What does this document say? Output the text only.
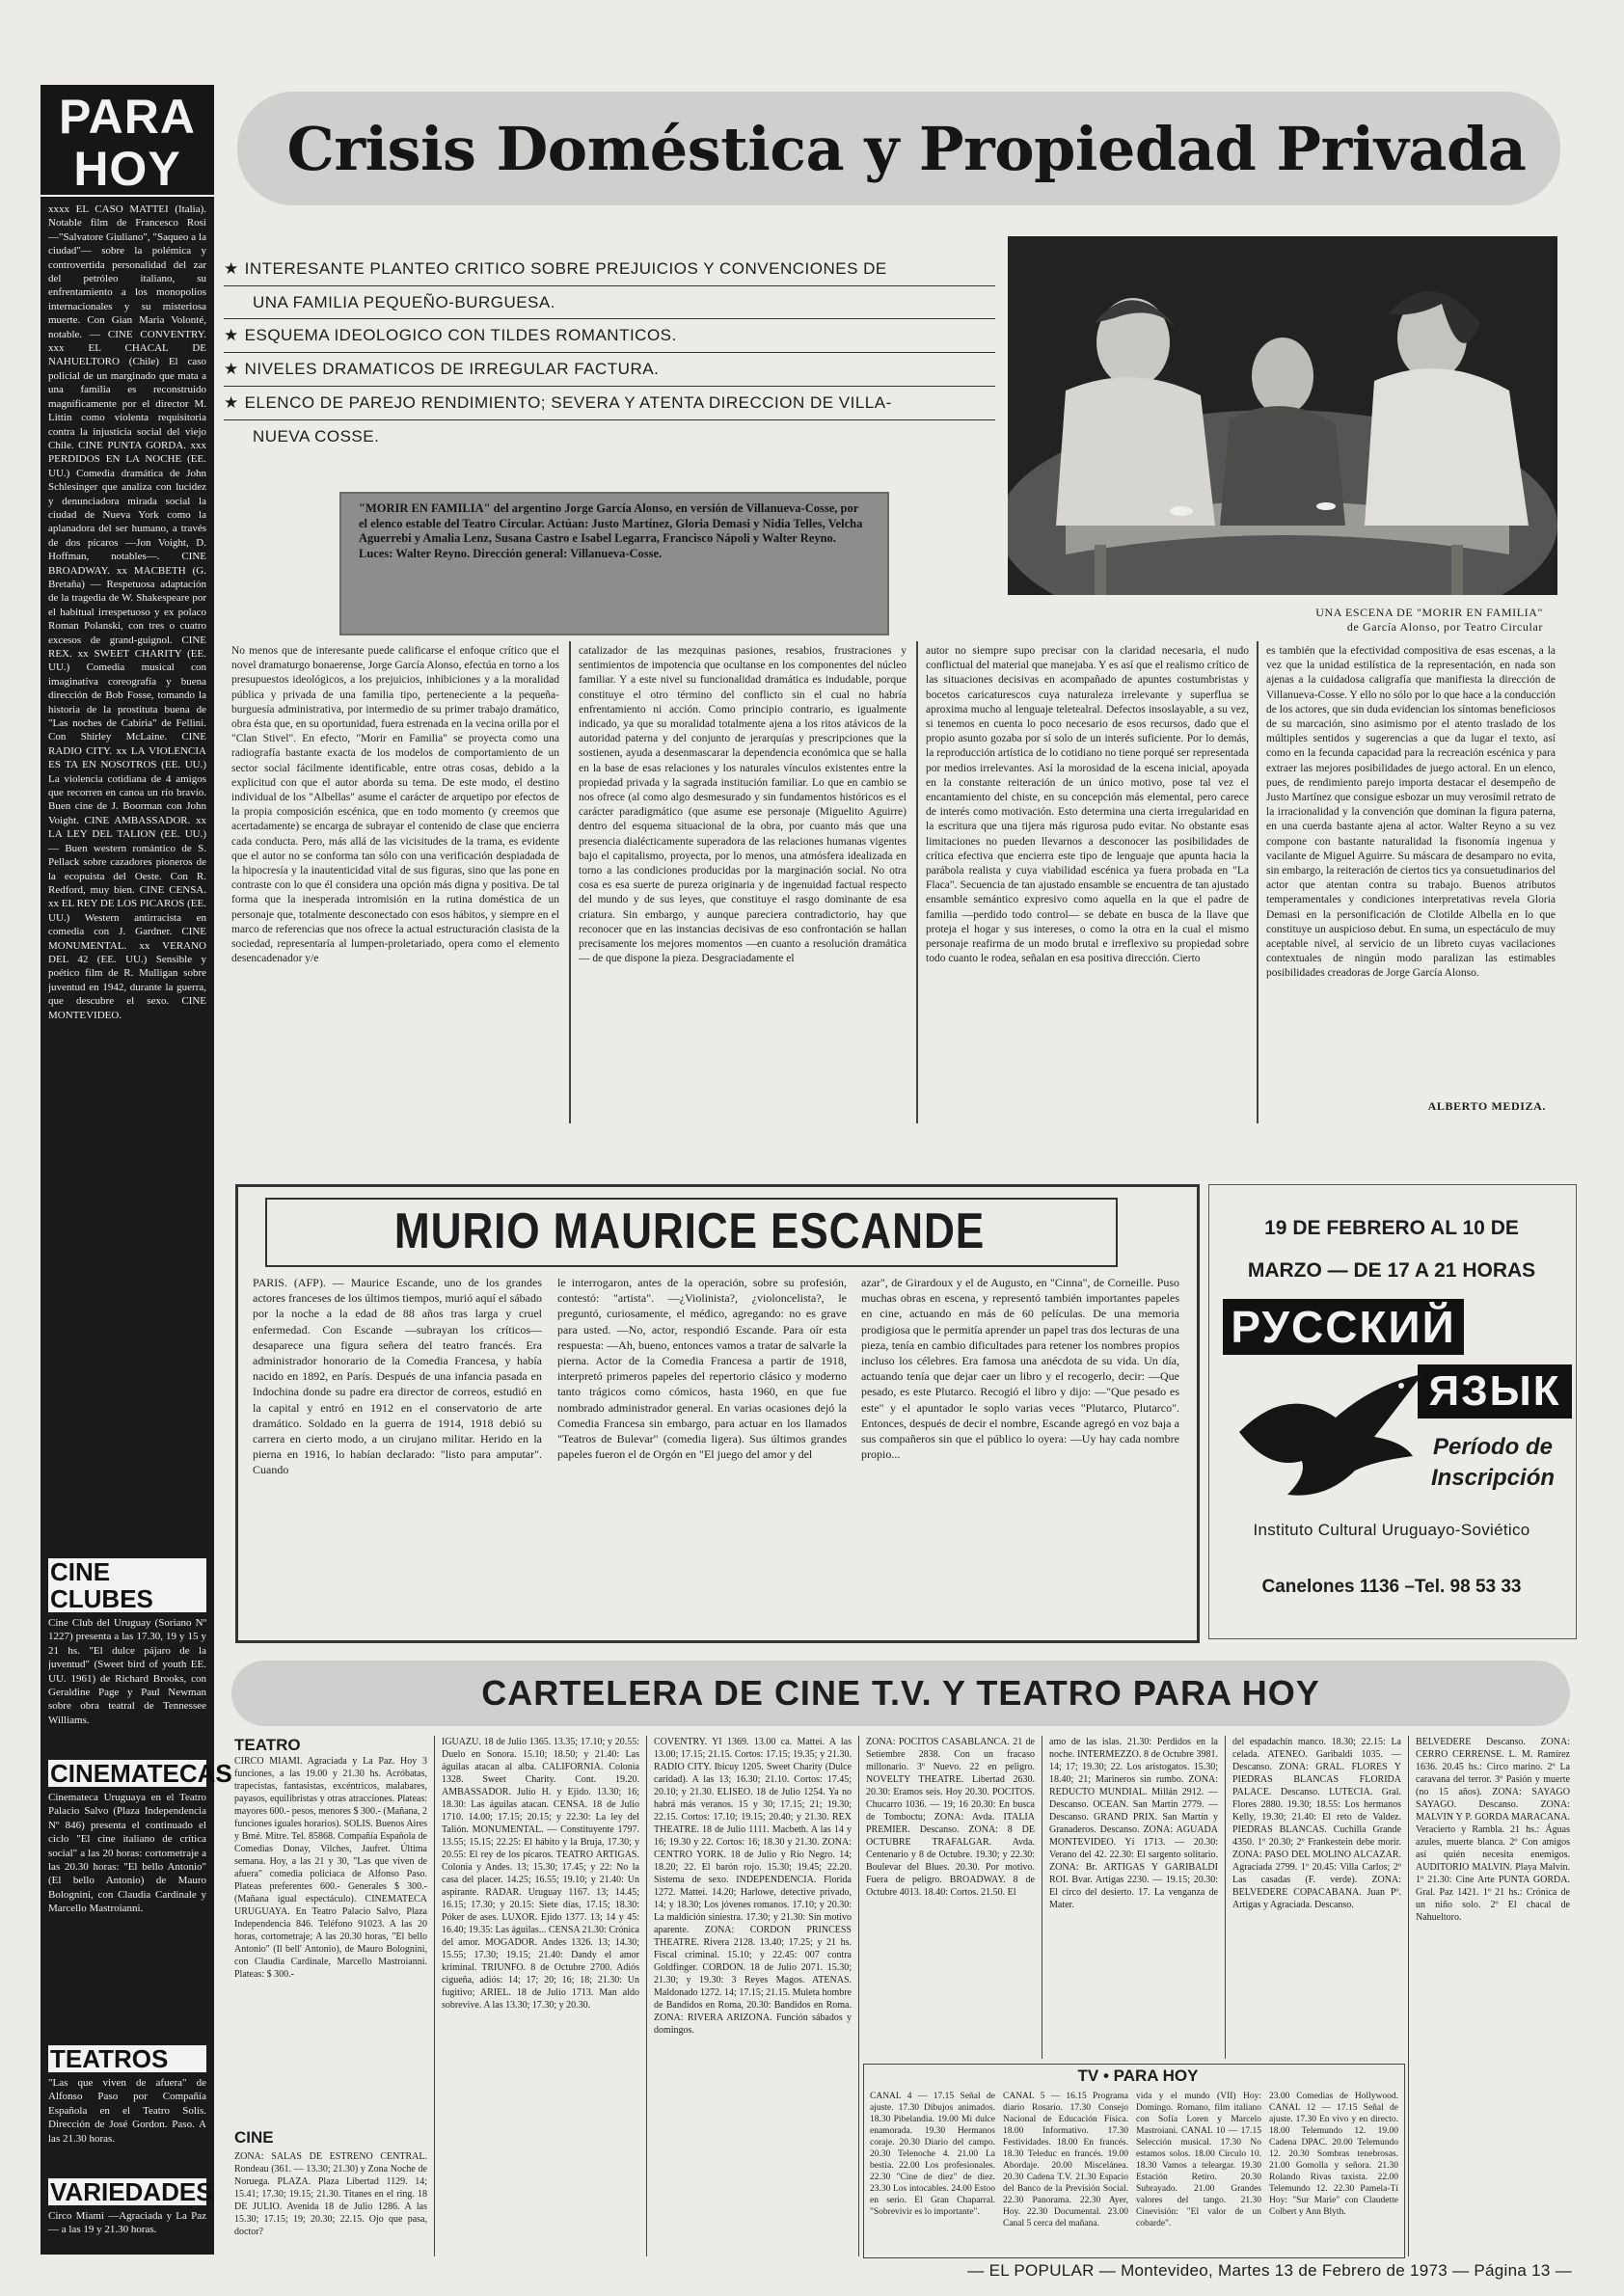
PARA
HOY
xxxx EL CASO MATTEI (Italia). Notable film de Francesco Rosi —"Salvatore Giuliano", "Saqueo a la ciudad"— sobre la polémica y controvertida personalidad del zar del petróleo italiano, su enfrentamiento a los monopolios internacionales y su misteriosa muerte. Con Gian Maria Volonté, notable. — CINE CONVENTRY. xxx EL CHACAL DE NAHUELTORO (Chile) El caso policial de un marginado que mata a una familia es reconstruido magníficamente por el director M. Littin como violenta requisitoria contra la injusticia social del viejo Chile. CINE PUNTA GORDA. xxx PERDIDOS EN LA NOCHE (EE. UU.) Comedia dramática de John Schlesinger que analiza con lucidez y denunciadora mirada social la ciudad de Nueva York como la aplanadora del ser humano, a través de dos pícaros —Jon Voight, D. Hoffman, notables—. CINE BROADWAY. xx MACBETH (G. Bretaña) — Respetuosa adaptación de la tragedia de W. Shakespeare por el habitual irrespetuoso y ex polaco Roman Polanski, con tres o cuatro excesos de grand-guignol. CINE REX. xx SWEET CHARITY (EE. UU.) Comedia musical con imaginativa coreografía y buena dirección de Bob Fosse, tomando la historia de la prostituta buena de "Las noches de Cabiria" de Fellini. Con Shirley McLaine. CINE RADIO CITY. xx LA VIOLENCIA ES TA EN NOSOTROS (EE. UU.) La violencia cotidiana de 4 amigos que recorren en canoa un río bravío. Buen cine de J. Boorman con John Voight. CINE AMBASSADOR. xx LA LEY DEL TALION (EE. UU.) — Buen western romántico de S. Pellack sobre cazadores pioneros de la ecopuista del Oeste. Con R. Redford, muy bien. CINE CENSA. xx EL REY DE LOS PICAROS (EE. UU.) Western antirracista en comedia con J. Gardner. CINE MONUMENTAL. xx VERANO DEL 42 (EE. UU.) Sensible y poético film de R. Mulligan sobre juventud en 1942, durante la guerra, que descubre el sexo. CINE MONTEVIDEO.
CINE CLUBES
Cine Club del Uruguay (Soriano Nº 1227) presenta a las 17.30, 19 y 15 y 21 hs. "El dulce pájaro de la juventud" (Sweet bird of youth EE. UU. 1961) de Richard Brooks, con Geraldine Page y Paul Newman sobre obra teatral de Tennessee Williams.
CINEMATECAS
Cinemateca Uruguaya en el Teatro Palacio Salvo (Plaza Independencia Nº 846) presenta el continuado el ciclo "El cine italiano de crítica social" a las 20 horas: cortometraje a las 20.30 horas: "El bello Antonio" (El bello Antonio) de Mauro Bolognini, con Claudia Cardinale y Marcello Mastroianni.
TEATROS
"Las que viven de afuera" de Alfonso Paso por Compañía Española en el Teatro Solís. Dirección de José Gordon. Paso. A las 21.30 horas.
VARIEDADES
Circo Miami —Agraciada y La Paz— a las 19 y 21.30 horas.
Crisis Doméstica y Propiedad Privada
★ INTERESANTE PLANTEO CRITICO SOBRE PREJUICIOS Y CONVENCIONES DE
UNA FAMILIA PEQUEÑO-BURGUESA.
★ ESQUEMA IDEOLOGICO CON TILDES ROMANTICOS.
★ NIVELES DRAMATICOS DE IRREGULAR FACTURA.
★ ELENCO DE PAREJO RENDIMIENTO; SEVERA Y ATENTA DIRECCION DE VILLA-
NUEVA COSSE.
"MORIR EN FAMILIA" del argentino Jorge García Alonso, en versión de Villanueva-Cosse, por el elenco estable del Teatro Circular. Actúan: Justo Martínez, Gloria Demasi y Nidia Telles, Velcha Aguerrebi y Amalia Lenz, Susana Castro e Isabel Legarra, Francisco Nápoli y Walter Reyno. Luces: Walter Reyno. Dirección general: Villanueva-Cosse.
UNA ESCENA DE "MORIR EN FAMILIA"
de García Alonso, por Teatro Circular
No menos que de interesante puede calificarse el enfoque crítico que el novel dramaturgo bonaerense, Jorge García Alonso, efectúa en torno a los presupuestos ideológicos, a los prejuicios, inhibiciones y a la moralidad pública y privada de una familia tipo, perteneciente a la pequeña-burguesía administrativa, por intermedio de su primer trabajo dramático, obra ésta que, en su oportunidad, fuera estrenada en la vecina orilla por el "Clan Stivel". En efecto, "Morir en Familia" se proyecta como una radiografía bastante exacta de los modelos de comportamiento de un sector social fácilmente identificable, entre otras cosas, debido a la explicitud con que el autor aborda su tema. De este modo, el destino individual de los "Albellas" asume el carácter de arquetipo por efectos de la propia composición escénica, que en todo momento (y creemos que acertadamente) se encarga de subrayar el contenido de clase que encierra cada conducta. Pero, más allá de las vicisitudes de la trama, es evidente que el autor no se conforma tan sólo con una verificación despiadada de la hipocresía y la inautenticidad vital de sus figuras, sino que las pone en contraste con lo que él considera una opción más digna y positiva. De tal forma que la inesperada intromisión en la rutina doméstica de un personaje que, totalmente desconectado con esos hábitos, y siempre en el marco de referencias que nos ofrece la actual estructuración clasista de la sociedad, representaría al lumpen-proletariado, opera como el elemento desencadenador y/e
catalizador de las mezquinas pasiones, resabios, frustraciones y sentimientos de impotencia que ocultanse en los componentes del núcleo familiar. Y a este nivel su funcionalidad dramática es indudable, porque constituye el otro término del conflicto sin el cual no habría enfrentamiento ni acción. Como principio contrario, es igualmente indicado, ya que su moralidad totalmente ajena a los ritos atávicos de la autoridad paterna y del conjunto de jerarquías y prescripciones que la sostienen, ayuda a desenmascarar la dependencia económica que se halla en la base de esas relaciones y los naturales vínculos existentes entre la propiedad privada y la sagrada institución familiar. Lo que en cambio se nos ofrece (al como algo desmesurado y sin fundamentos históricos es el carácter paradigmático (que asume ese personaje (Miguelito Aguirre) dentro del esquema situacional de la obra, por cuanto más que una presencia dialécticamente superadora de las relaciones humanas vigentes bajo el capitalismo, proyecta, por lo menos, una atmósfera idealizada en torno a las condiciones producidas por la marginación social. No otra cosa es esa suerte de pureza originaria y de ingenuidad factual respecto del mundo y de sus leyes, que constituye el rasgo dominante de esa criatura. Sin embargo, y aunque pareciera contradictorio, hay que reconocer que en las instancias decisivas de eso confrontación se hallan precisamente los mejores momentos —en cuanto a resolución dramática— de que dispone la pieza. Desgraciadamente el
autor no siempre supo precisar con la claridad necesaria, el nudo conflictual del material que manejaba. Y es así que el realismo crítico de las situaciones decisivas en acompañado de apuntes costumbristas y bocetos caricaturescos cuya naturaleza irrelevante y superflua se aproxima mucho al lenguaje teletealral. Defectos insoslayable, a su vez, si tenemos en cuenta lo poco necesario de esos recursos, dado que el propio asunto gozaba por sí solo de un interés suficiente. Por lo demás, la reproducción artística de lo cotidiano no tiene porqué ser representada por medios irrelevantes. Así la morosidad de la escena inicial, apoyada en la constante reiteración de un único motivo, pose tal vez el encantamiento del chiste, en su concepción más elemental, pero carece de interés como motivación. Esto determina una cierta irregularidad en la escritura que una tijera más rigurosa pudo evitar. No obstante esas limitaciones no pueden llevarnos a desconocer las posibilidades de crítica efectiva que encierra este tipo de lenguaje que apunta hacia la parábola realista y cuya viabilidad escénica ya fuera probada en "La Flaca". Secuencia de tan ajustado ensamble se encuentra de tan ajustado ensamble semántico expresivo como aquella en la que el padre de familia —perdido todo control— se debate en busca de la llave que proteja el hogar y sus intereses, o como la otra en la cual el mismo personaje reafirma de un modo brutal e irreflexivo su propiedad sobre todo cuanto le rodea, señalan en esa positiva dirección. Cierto
es también que la efectividad compositiva de esas escenas, a la vez que la unidad estilística de la representación, en nada son ajenas a la cuidadosa caligrafía que manifiesta la dirección de Villanueva-Cosse. Y ello no sólo por lo que hace a la conducción de los actores, que sin duda evidencian los síntomas beneficiosos de su marcación, sino asimismo por el atento traslado de los múltiples sentidos y sugerencias a que da lugar el texto, así como en la fecunda capacidad para la recreación escénica y para extraer las mejores posibilidades de juego actoral. En un elenco, pues, de rendimiento parejo importa destacar el desempeño de Justo Martínez que consigue esbozar un muy verosímil retrato de la irracionalidad y la convención que dominan la figura paterna, en una cuerda bastante ajena al actor. Walter Reyno a su vez compone con bastante naturalidad la fisonomía ingenua y vacilante de Miguel Aguirre. Su máscara de desamparo no evita, sin embargo, la reiteración de ciertos tics ya consuetudinarios del actor que atentan contra su trabajo. Buenos atributos temperamentales y condiciones interpretativas revela Gloria Demasi en la personificación de Clotilde Albella en lo que constituye un auspicioso debut. En suma, un espectáculo de muy aceptable nivel, al servicio de un libreto cuyas vacilaciones contextuales de ningún modo paralizan las estimables posibilidades creadoras de Jorge García Alonso.
ALBERTO MEDIZA.
MURIO MAURICE ESCANDE
PARIS. (AFP). — Maurice Escande, uno de los grandes actores franceses de los últimos tiempos, murió aquí el sábado por la noche a la edad de 88 años tras larga y cruel enfermedad. Con Escande —subrayan los críticos— desaparece una figura señera del teatro francés. Era administrador honorario de la Comedia Francesa, y había nacido en 1892, en París. Después de una infancia pasada en Indochina donde su padre era director de correos, estudió en la capital y entró en 1912 en el conservatorio de arte dramático. Soldado en la guerra de 1914, 1918 debió su carrera en cierto modo, a un cirujano militar. Herido en la pierna en 1916, lo habían declarado: "listo para amputar". Cuando
le interrogaron, antes de la operación, sobre su profesión, contestó: "artista". —¿Violinista?, ¿violoncelista?, le preguntó, curiosamente, el médico, agregando: no es grave para usted. —No, actor, respondió Escande. Para oír esta respuesta: —Ah, bueno, entonces vamos a tratar de salvarle la pierna. Actor de la Comedia Francesa a partir de 1918, interpretó primeros papeles del repertorio clásico y moderno tanto trágicos como cómicos, hasta 1960, en que fue nombrado administrador general. En varias ocasiones dejó la Comedia Francesa sin embargo, para actuar en los llamados "Teatros de Bulevar" (comedia ligera). Sus últimos grandes papeles fueron el de Orgón en "El juego del amor y del
azar", de Girardoux y el de Augusto, en "Cinna", de Corneille. Puso muchas obras en escena, y representó también importantes papeles en cine, actuando en más de 60 películas. De una memoria prodigiosa que le permitía aprender un papel tras dos lecturas de una pieza, tenía en cambio dificultades para retener los nombres propios incluso los célebres. Era famosa una anécdota de su vida. Un día, actuando tenía que dejar caer un libro y el recogerlo, decir: —Que pesado, es este Plutarco. Recogió el libro y dijo: —"Que pesado es este" y el apuntador le soplo varias veces "Plutarco, Plutarco". Entonces, después de decir el nombre, Escande agregó en voz baja a sus compañeros sin que el público lo oyera: —Uy hay cada nombre propio...
19 DE FEBRERO AL 10 DE
MARZO — DE 17 A 21 HORAS
РУССКИЙ
ЯЗЫК
Período de
Inscripción
Instituto Cultural Uruguayo-Soviético
Canelones 1136 –Tel. 98 53 33
CARTELERA DE CINE T.V. Y TEATRO PARA HOY
TEATRO
CIRCO MIAMI. Agraciada y La Paz. Hoy 3 funciones, a las 19.00 y 21.30 hs. Acróbatas, trapecistas, fantasistas, excéntricos, malabares, payasos, equilibristas y otras atracciones. Plateas: mayores 600.- pesos, menores $ 300.- (Mañana, 2 funciones iguales horarios). SOLIS. Buenos Aires y Bmé. Mitre. Tel. 85868. Compañía Española de Comedias Donay, Vilches, Jaufret. Última semana. Hoy, a las 21 y 30, "Las que viven de afuera" comedia policiaca de Alfonso Paso. Plateas preferentes 600.- Generales $ 300.- (Mañana igual espectáculo). CINEMATECA URUGUAYA. En Teatro Palacio Salvo, Plaza Independencia 846. Teléfono 91023. A las 20 horas, cortometraje; A las 20.30 horas, "El bello Antonio" (Il bell' Antonio), de Mauro Bolognini, con Claudia Cardinale, Marcello Mastroianni. Plateas: $ 300.-
CINE
ZONA: SALAS DE ESTRENO CENTRAL. Rondeau (361. — 13.30; 21.30) y Zona Noche de Noruega. PLAZA. Plaza Libertad 1129. 14; 15.41; 17.30; 19.15; 21.30. Titanes en el ring. 18 DE JULIO. Avenida 18 de Julio 1286. A las 15.30; 17.15; 19; 20.30; 22.15. Ojo que pasa, doctor?
IGUAZU. 18 de Julio 1365. 13.35; 17.10; y 20.55: Duelo en Sonora. 15.10; 18.50; y 21.40: Las águilas atacan al alba. CALIFORNIA. Colonia 1328. Sweet Charity. Cont. 19.20. AMBASSADOR. Julio H. y Ejido. 13.30; 16; 18.30: Las águilas atacan. CENSA. 18 de Julio 1710. 14.00; 17.15; 20.15; y 22.30: La ley del Talión. MONUMENTAL. — Constituyente 1797. 13.55; 15.15; 22.25: El hábito y la Bruja, 17.30; y 20.55: El rey de los pícaros. TEATRO ARTIGAS. Colonia y Andes. 13; 15.30; 17.45; y 22: No la casa del placer. 14.25; 16.55; 19.10; y 21.40: Un aspirante. RADAR. Uruguay 1167. 13; 14.45; 16.15; 17.30; y 20.15: Siete días, 17.15; 18.30: Póker de ases. LUXOR. Ejido 1377. 13; 14 y 45: 16.40; 19.35: Las águilas... CENSA 21.30: Crónica del amor. MOGADOR. Andes 1326. 13; 14.30; 15.55; 17.30; 19.15; 21.40: Dandy el amor kriminal. TRIUNFO. 8 de Octubre 2700. Adiós cigueña, adiós: 14; 17; 20; 16; 18; 21.30: Un fugitivo; ARIEL. 18 de Julio 1713. Man aldo sobrevive. A las 13.30; 17.30; y 20.30.
COVENTRY. YI 1369. 13.00 ca. Mattei. A las 13.00; 17.15; 21.15. Cortos: 17.15; 19.35; y 21.30. RADIO CITY. Ibicuy 1205. Sweet Charity (Dulce caridad). A las 13; 16.30; 21.10. Cortos: 17.45; 20.10; y 21.30. ELISEO. 18 de Julio 1254. Ya no habrá más veranos. 15 y 30; 17.15; 21; 19.30; 22.15. Cortos: 17.10; 19.15; 20.40; y 21.30. REX THEATRE. 18 de Julio 1111. Macbeth. A las 14 y 16; 19.30 y 22. Cortos: 16; 18.30 y 21.30. ZONA: CENTRO YORK. 18 de Julio y Río Negro. 14; 18.20; 22. El barón rojo. 15.30; 19.45; 22.20. Sistema de sexo. INDEPENDENCIA. Florida 1272. Mattei. 14.20; Harlowe, detective privado, 14; y 18.30; Los jóvenes romanos. 17.10; y 20.30: La maldición siniestra. 17.30; y 21.30: Sin motivo aparente. ZONA: CORDON PRINCESS THEATRE. Rivera 2128. 13.40; 17.25; y 21 hs. Fiscal criminal. 15.10; y 22.45: 007 contra Goldfinger. CORDON. 18 de Julio 2071. 15.30; 21.30; y 19.30: 3 Reyes Magos. ATENAS. Maldonado 1272. 14; 17.15; 21.15. Muleta hombre de Bandidos en Roma, 20.30: Bandidos en Roma. ZONA: RIVERA ARIZONA. Función sábados y domingos.
ZONA: POCITOS CASABLANCA. 21 de Setiembre 2838. Con un fracaso millonario. 3º Nuevo. 22 en peligro. NOVELTY THEATRE. Libertad 2630. 20.30: Eramos seis. Hoy 20.30. POCITOS. Chucarro 1036. — 19; 16 20.30: En busca de Tomboctu; ZONA: Avda. ITALIA PREMIER. Descanso. ZONA: 8 DE OCTUBRE TRAFALGAR. Avda. Centenario y 8 de Octubre. 19.30; y 22.30: Boulevar del Blues. 20.30. Por motivo. Fuera de peligro. BROADWAY. 8 de Octubre 4013. 18.40: Cortos. 21.50. El
amo de las islas. 21.30: Perdidos en la noche. INTERMEZZO. 8 de Octubre 3981. 14; 17; 19.30; 22. Los aristogatos. 15.30; 18.40; 21; Marineros sin rumbo. ZONA: REDUCTO MUNDIAL. Millán 2912. — Descanso. OCEAN. San Martín 2779. — Descanso. GRAND PRIX. San Martín y Granaderos. Descanso. ZONA: AGUADA MONTEVIDEO. Yí 1713. — 20.30: Verano del 42. 22.30: El sargento solitario. ZONA: Br. ARTIGAS Y GARIBALDI ROI. Bvar. Artigas 2230. — 19.15; 20.30: El circo del desierto. 17. La venganza de Mater.
del espadachín manco. 18.30; 22.15: La celada. ATENEO. Garibaldi 1035. — Descanso. ZONA: GRAL. FLORES Y PIEDRAS BLANCAS FLORIDA PALACE. Descanso. LUTECIA. Gral. Flores 2880. 19.30; 18.55: Los hermanos Kelly, 19.30; 21.40: El reto de Valdez. PIEDRAS BLANCAS. Cuchilla Grande 4350. 1º 20.30; 2º Frankestein debe morir. ZONA: PASO DEL MOLINO ALCAZAR. Agraciada 2799. 1º 20.45: Villa Carlos; 2º Las casadas (F. verde). ZONA: BELVEDERE COPACABANA. Juan Pº. Artigas y Agraciada. Descanso.
BELVEDERE Descanso. ZONA: CERRO CERRENSE. L. M. Ramírez 1636. 20.45 hs.: Circo marino. 2º La caravana del terror. 3º Pasión y muerte (no 15 años). ZONA: SAYAGO SAYAGO. Descanso. ZONA: MALVIN Y P. GORDA MARACANA. Veracierto y Rambla. 21 hs.: Águas azules, muerte blanca. 2º Con amigos así quién necesita enemigos. AUDITORIO MALVIN. Playa Malvín. 1º 21.30: Cine Arte PUNTA GORDA. Gral. Paz 1421. 1º 21 hs.: Crónica de un niño solo. 2º El chacal de Nahueltoro.
TV • PARA HOY
CANAL 4 — 17.15 Señal de ajuste. 17.30 Dibujos animados. 18.30 Pibelandia. 19.00 Mi dulce enamorada. 19.30 Hermanos coraje. 20.30 Diario del campo. 20.30 Telenoche 4. 21.00 La bestia. 22.00 Los profesionales. 22.30 "Cine de diez" de diez. 23.30 Los intocables. 24.00 Estoo en serio. El Gran Chaparral. "Sobrevivir es lo importante".
CANAL 5 — 16.15 Programa diario Rosario. 17.30 Consejo Nacional de Educación Física. 18.00 Informativo. 17.30 Festividades. 18.00 En francés. 18.30 Teleduc en francés. 19.00 Abordaje. 20.00 Miscelánea. 20.30 Cadena T.V. 21.30 Espacio del Banco de la Previsión Social. 22.30 Panorama. 22.30 Ayer, Hoy. 22.30 Documental. 23.00 Canal 5 cerca del mañana.
vida y el mundo (VII) Hoy: Domingo. Romano, film italiano con Sofía Loren y Marcelo Mastroiani. CANAL 10 — 17.15 Selección musical. 17.30 No estamos solos. 18.00 Círculo 10. 18.30 Vamos a teleargar. 19.30 Estación Retiro. 20.30 Subrayado. 21.00 Grandes valores del tango. 21.30 Cinevisión: "El valor de un cobarde".
23.00 Comedias de Hollywood. CANAL 12 — 17.15 Señal de ajuste. 17.30 En vivo y en directo. 18.00 Telemundo 12. 19.00 Cadena DPAC. 20.00 Telemundo 12. 20.30 Sombras tenebrosas. 21.00 Gomolla y señora. 21.30 Rolando Rivas taxista. 22.00 Telemundo 12. 22.30 Pamela-Tí Hoy: "Sur Marie" con Claudette Colbert y Ann Blyth.
— EL POPULAR — Montevideo, Martes 13 de Febrero de 1973 — Página 13 —
